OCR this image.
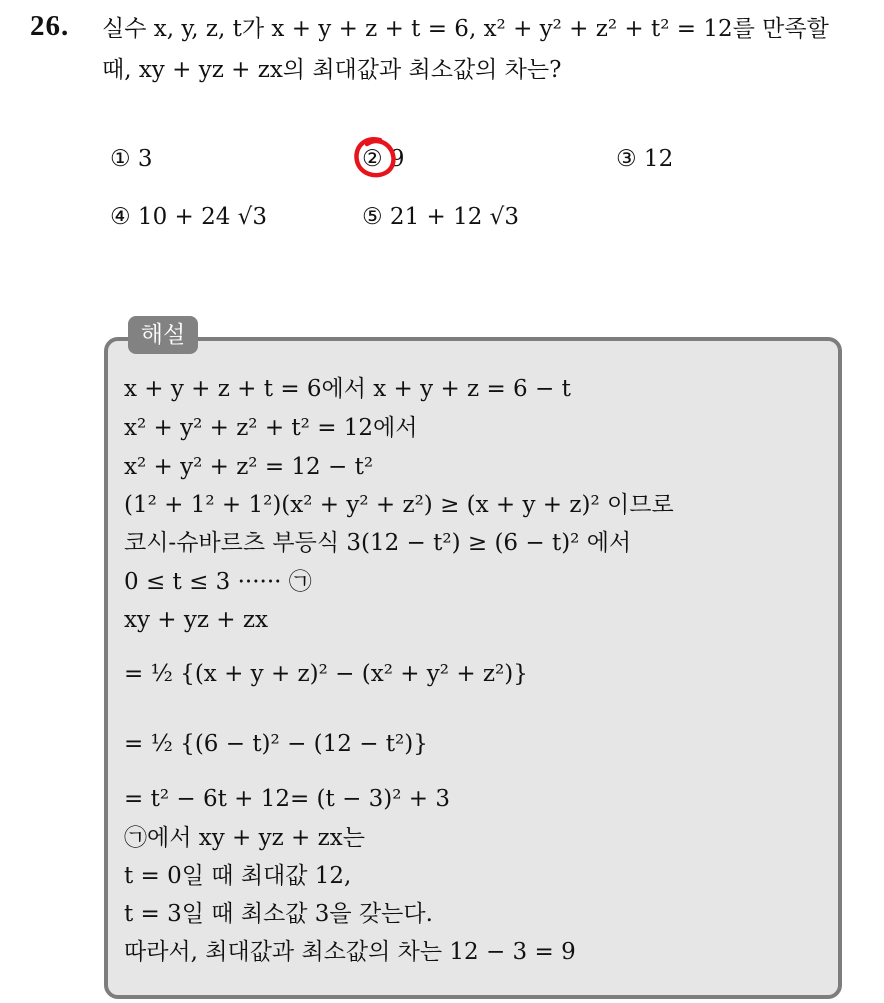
26. 실수 x, y, z, t가 x + y + z + t = 6, x² + y² + z² + t² = 12를 만족할
때, xy + yz + zx의 최대값과 최소값의 차는?
① 3	② 9	③ 12
④ 10 + 24 √3	⑤ 21 + 12 √3
해설
x + y + z + t = 6에서 x + y + z = 6 − t
x² + y² + z² + t² = 12에서
x² + y² + z² = 12 − t²
(1² + 1² + 1²)(x² + y² + z²) ≥ (x + y + z)² 이므로
코시-슈바르츠 부등식 3(12 − t²) ≥ (6 − t)² 에서
0 ≤ t ≤ 3 ······ ㉠
xy + yz + zx
= ½ {(x + y + z)² − (x² + y² + z²)}
= ½ {(6 − t)² − (12 − t²)}
= t² − 6t + 12= (t − 3)² + 3
㉠에서 xy + yz + zx는
t = 0일 때 최대값 12,
t = 3일 때 최소값 3을 갖는다.
따라서, 최대값과 최소값의 차는 12 − 3 = 9
